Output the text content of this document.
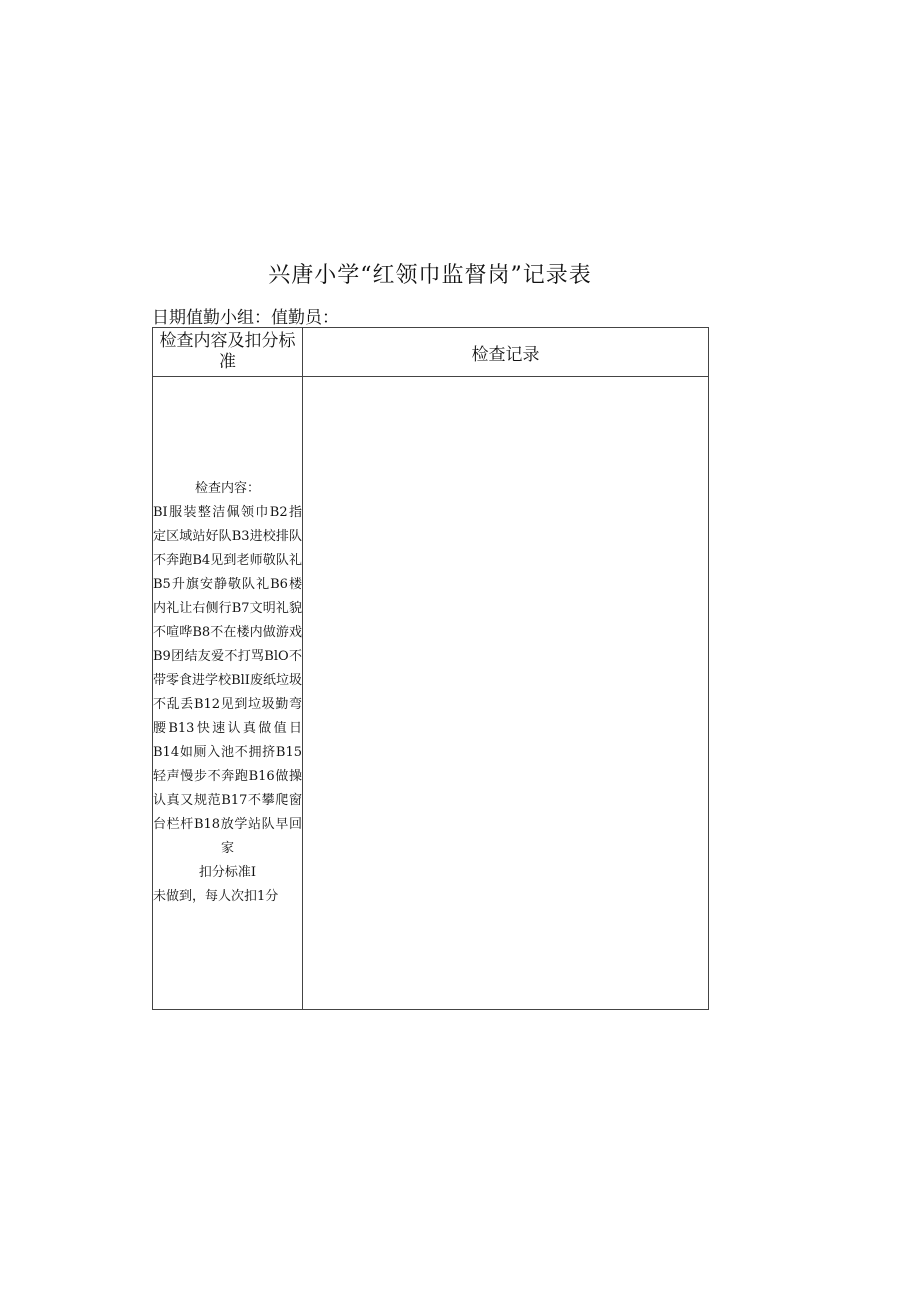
兴唐小学“红领巾监督岗”记录表
日期值勤小组：值勤员：
检查内容及扣分标准	检查记录

检查内容：
BI服装整洁佩领巾B2指定区域站好队B3进校排队不奔跑B4见到老师敬队礼B5升旗安静敬队礼B6楼内礼让右侧行B7文明礼貌不喧哗B8不在楼内做游戏B9团结友爱不打骂BlO不带零食进学校BlI废纸垃圾不乱丢B12见到垃圾勤弯腰B13快速认真做值日B14如厕入池不拥挤B15轻声慢步不奔跑B16做操认真又规范B17不攀爬窗台栏杆B18放学站队早回家
扣分标准I
未做到，每人次扣1分	
